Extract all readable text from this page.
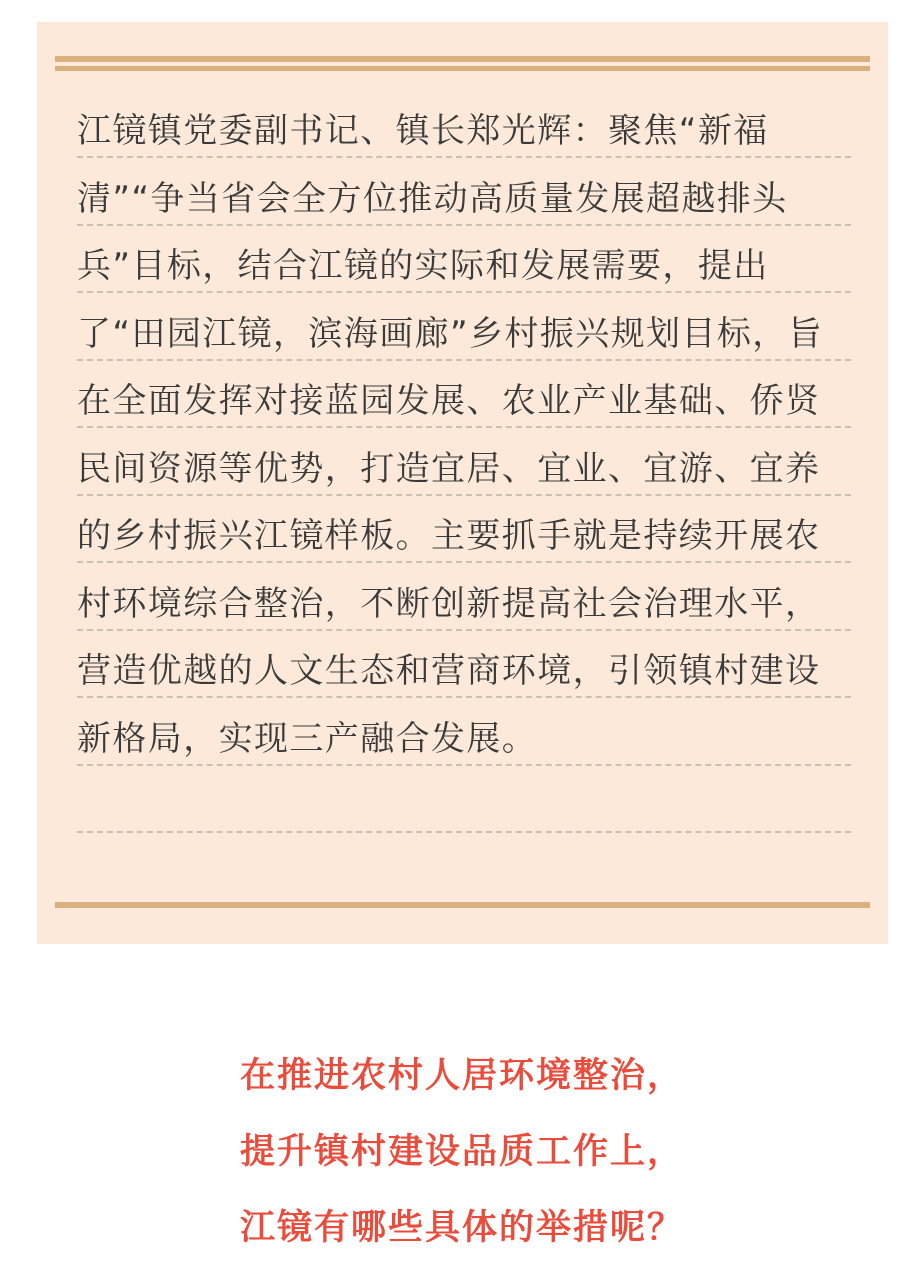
江镜镇党委副书记、镇长郑光辉：聚焦“新福清”“争当省会全方位推动高质量发展超越排头兵”目标，结合江镜的实际和发展需要，提出了“田园江镜，滨海画廊”乡村振兴规划目标，旨在全面发挥对接蓝园发展、农业产业基础、侨贤民间资源等优势，打造宜居、宜业、宜游、宜养的乡村振兴江镜样板。主要抓手就是持续开展农村环境综合整治，不断创新提高社会治理水平，营造优越的人文生态和营商环境，引领镇村建设新格局，实现三产融合发展。

在推进农村人居环境整治，
提升镇村建设品质工作上，
江镜有哪些具体的举措呢？
